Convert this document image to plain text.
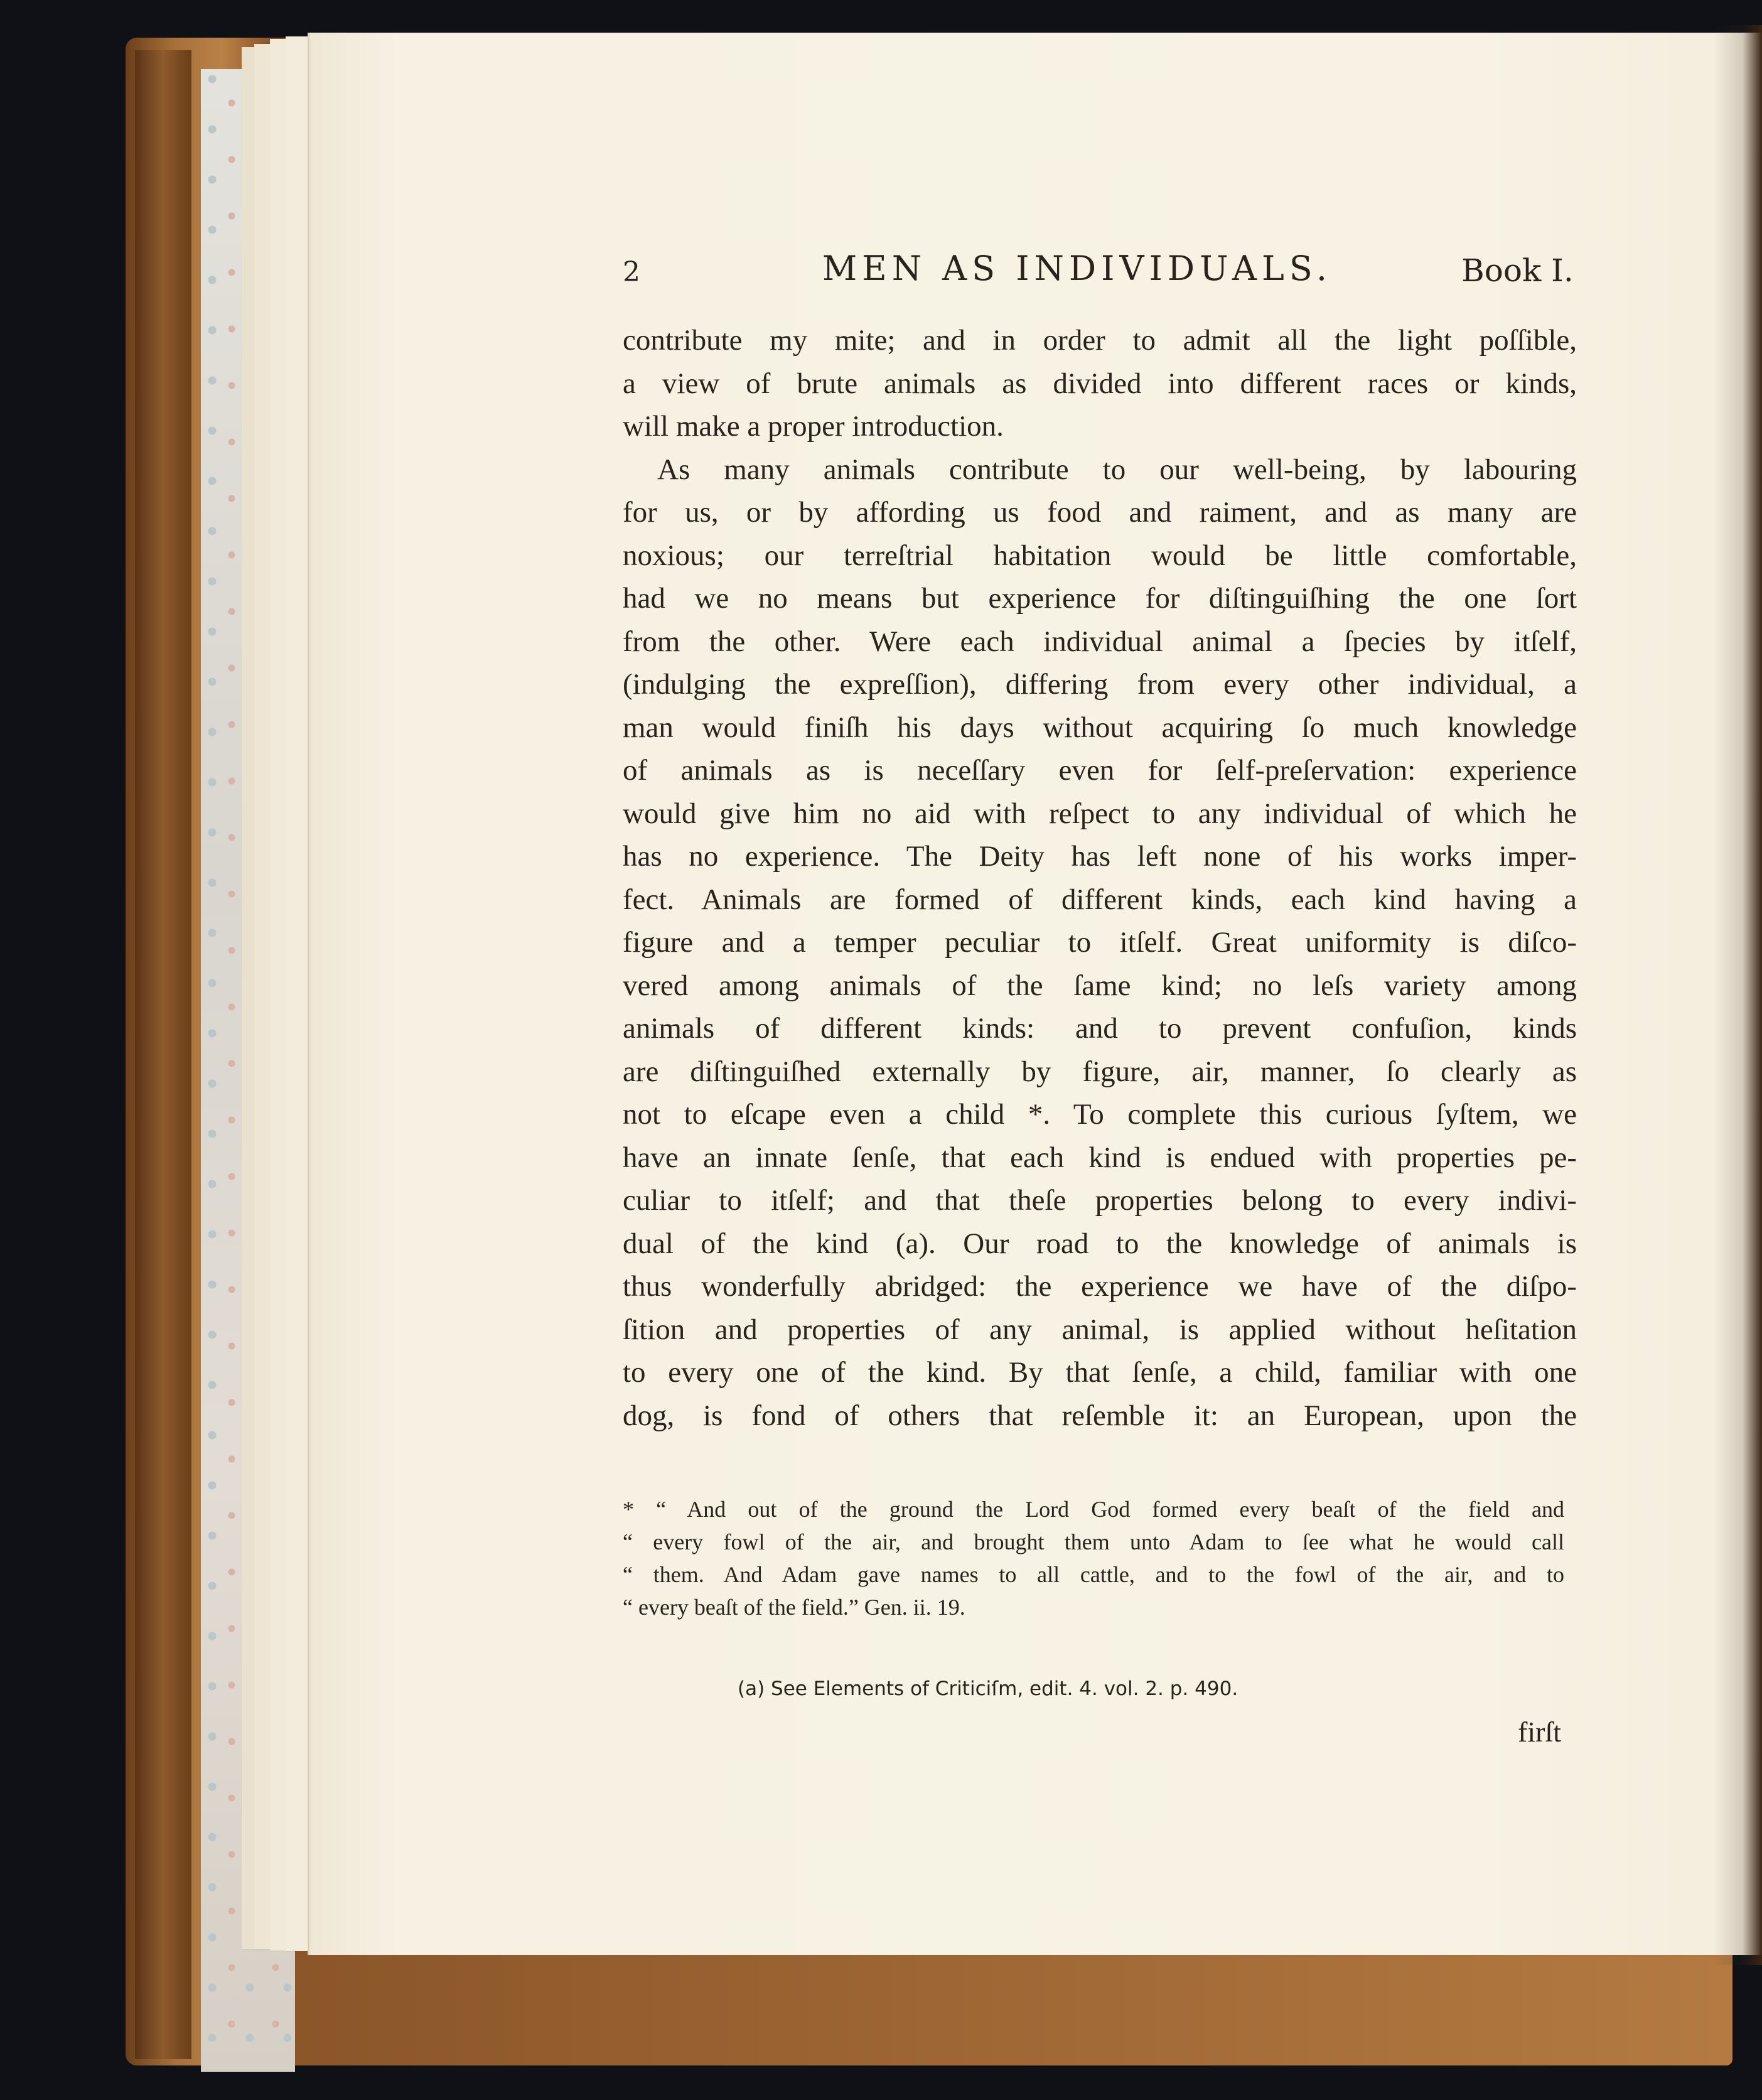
2	MEN AS INDIVIDUALS.	Book I.

contribute my mite; and in order to admit all the light poſſible,
a view of brute animals as divided into different races or kinds,
will make a proper introduction.
As many animals contribute to our well-being, by labouring
for us, or by affording us food and raiment, and as many are
noxious; our terreſtrial habitation would be little comfortable,
had we no means but experience for diſtinguiſhing the one ſort
from the other. Were each individual animal a ſpecies by itſelf,
(indulging the expreſſion), differing from every other individual, a
man would finiſh his days without acquiring ſo much knowledge
of animals as is neceſſary even for ſelf-preſervation: experience
would give him no aid with reſpect to any individual of which he
has no experience. The Deity has left none of his works imper-
fect. Animals are formed of different kinds, each kind having a
figure and a temper peculiar to itſelf. Great uniformity is diſco-
vered among animals of the ſame kind; no leſs variety among
animals of different kinds: and to prevent confuſion, kinds
are diſtinguiſhed externally by figure, air, manner, ſo clearly as
not to eſcape even a child *. To complete this curious ſyſtem, we
have an innate ſenſe, that each kind is endued with properties pe-
culiar to itſelf; and that theſe properties belong to every indivi-
dual of the kind (a). Our road to the knowledge of animals is
thus wonderfully abridged: the experience we have of the diſpo-
ſition and properties of any animal, is applied without heſitation
to every one of the kind. By that ſenſe, a child, familiar with one
dog, is fond of others that reſemble it: an European, upon the
* “ And out of the ground the Lord God formed every beaſt of the field and
“ every fowl of the air, and brought them unto Adam to ſee what he would call
“ them. And Adam gave names to all cattle, and to the fowl of the air, and to
“ every beaſt of the field.” Gen. ii. 19.

(a) See Elements of Criticiſm, edit. 4. vol. 2. p. 490.

firſt
